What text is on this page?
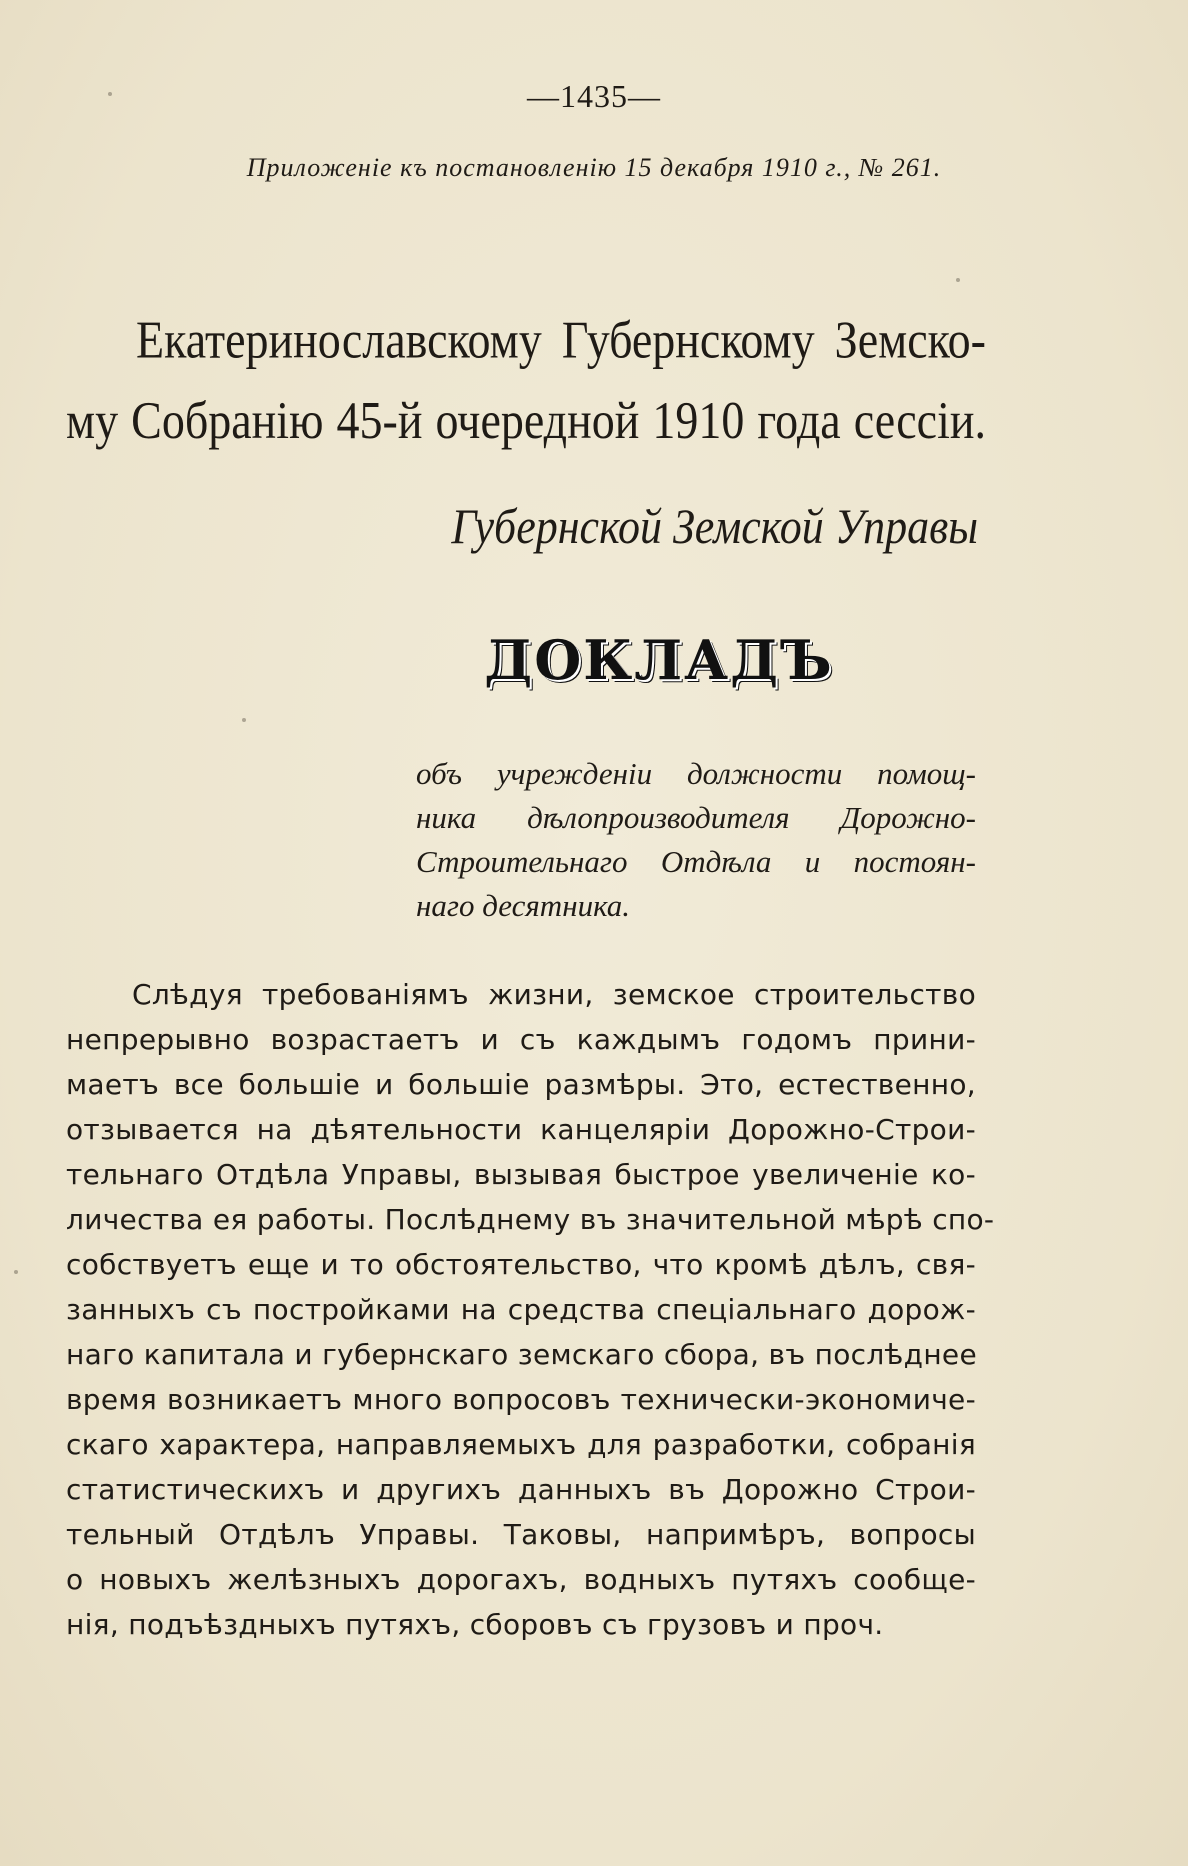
—1435—
Приложеніе къ постановленію 15 декабря 1910 г., № 261.
Екатеринославскому Губернскому Земско-
му Собранію 45-й очередной 1910 года сессіи.
Губернской Земской Управы
ДОКЛАДЪ
объ учрежденіи должности помощ-
ника дѣлопроизводителя Дорожно-
Строительнаго Отдѣла и постоян-
наго десятника.
Слѣдуя требованіямъ жизни, земское строительство
непрерывно возрастаетъ и съ каждымъ годомъ прини-
маетъ все большіе и большіе размѣры. Это, естественно,
отзывается на дѣятельности канцеляріи Дорожно-Строи-
тельнаго Отдѣла Управы, вызывая быстрое увеличеніе ко-
личества ея работы. Послѣднему въ значительной мѣрѣ спо-
собствуетъ еще и то обстоятельство, что кромѣ дѣлъ, свя-
занныхъ съ постройками на средства спеціальнаго дорож-
наго капитала и губернскаго земскаго сбора, въ послѣднее
время возникаетъ много вопросовъ технически-экономиче-
скаго характера, направляемыхъ для разработки, собранія
статистическихъ и другихъ данныхъ въ Дорожно Строи-
тельный Отдѣлъ Управы. Таковы, напримѣръ, вопросы
о новыхъ желѣзныхъ дорогахъ, водныхъ путяхъ сообще-
нія, подъѣздныхъ путяхъ, сборовъ съ грузовъ и проч.
